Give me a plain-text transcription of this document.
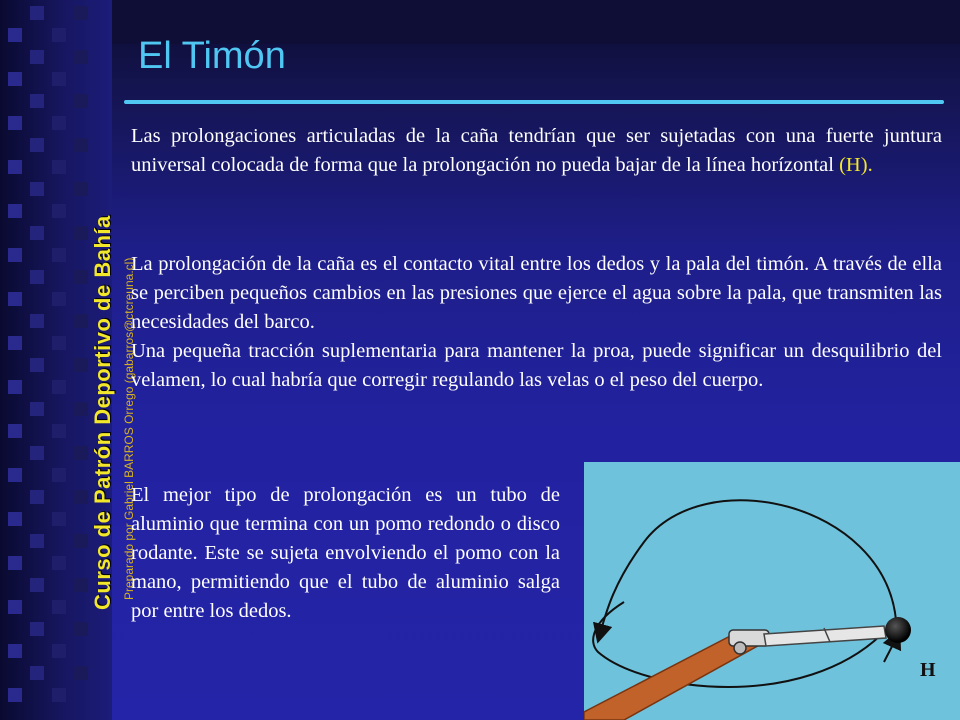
Curso de Patrón Deportivo de Bahía Preparado por Gabriel BARROS Orrego (gabarros@ctcreuna.cl)
El Timón

Las prolongaciones articuladas de la caña tendrían que ser sujetadas con una fuerte juntura universal colocada de forma que la prolongación no pueda bajar de la línea horízontal (H).

La prolongación de la caña es el contacto vital entre los dedos y la pala del timón. A través de ella se perciben pequeños cambios en las presiones que ejerce el agua sobre la pala, que transmiten las necesidades del barco.

Una pequeña tracción suplementaria para mantener la proa, puede significar un desquilibrio del velamen, lo cual habría que corregir regulando las velas o el peso del cuerpo.

El mejor tipo de prolongación es un tubo de aluminio que termina con un pomo redondo o disco rodante. Este se sujeta envolviendo el pomo con la mano, permitiendo que el tubo de aluminio salga por entre los dedos.

H
